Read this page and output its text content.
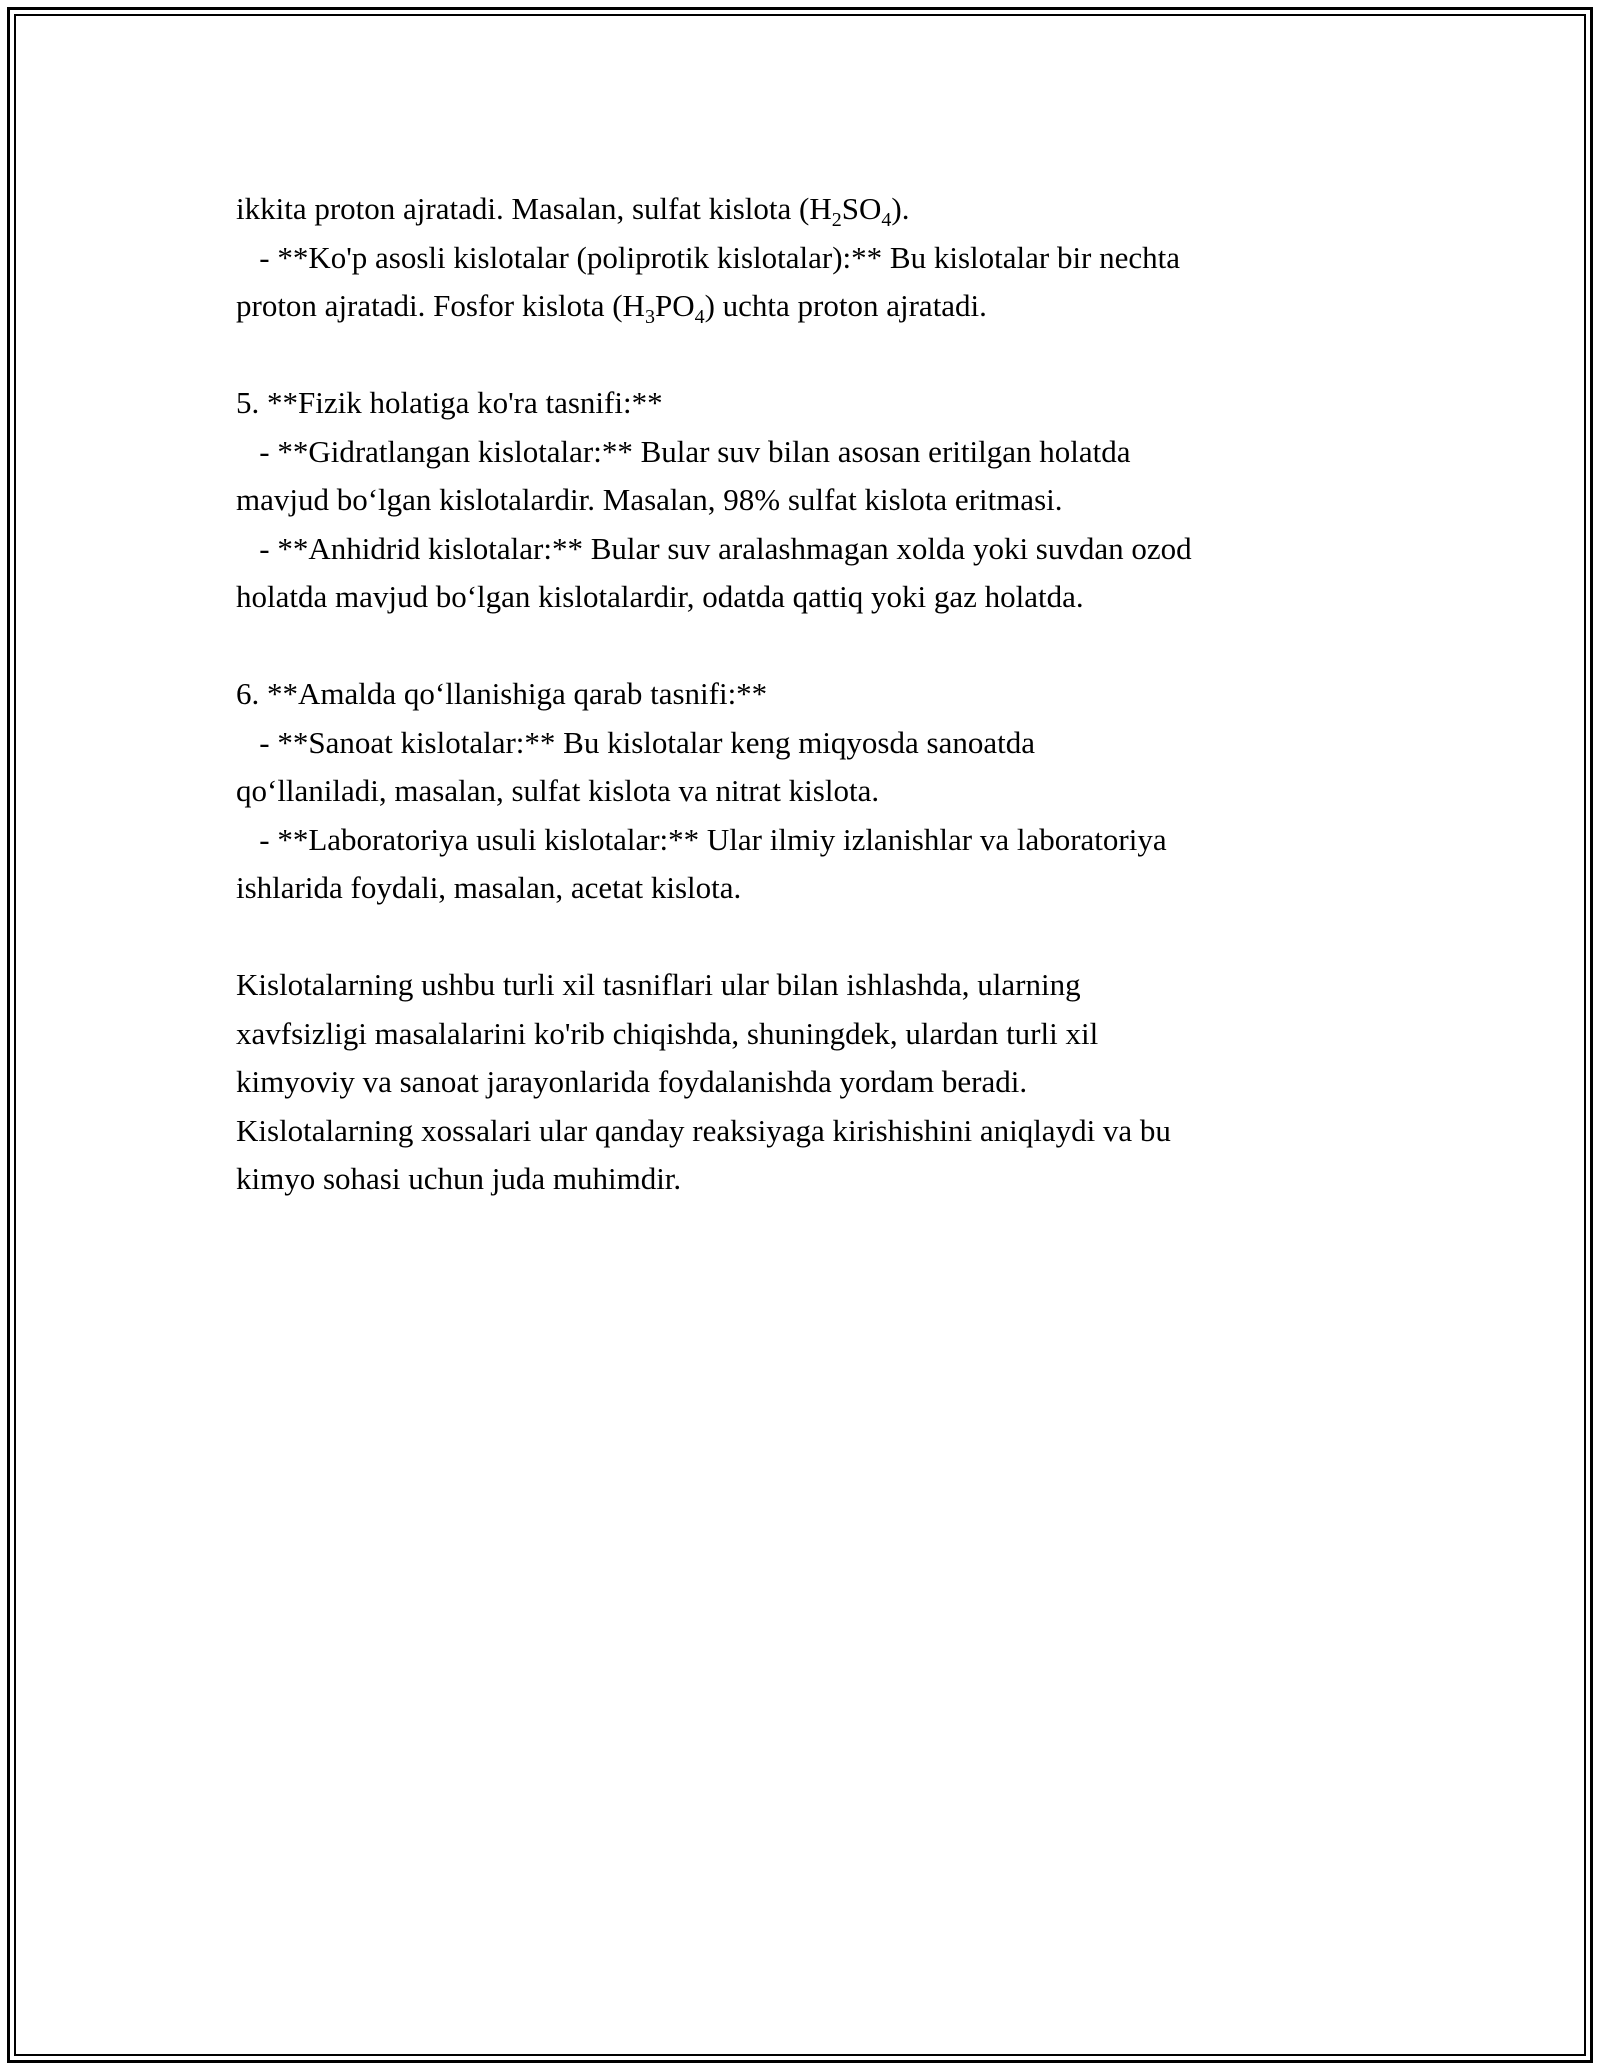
ikkita proton ajratadi. Masalan, sulfat kislota $(H_2SO_4)$.
- **Ko'p asosli kislotalar (poliprotik kislotalar):** Bu kislotalar bir nechta
proton ajratadi. Fosfor kislota $(H_3PO_4)$ uchta proton ajratadi.
5. **Fizik holatiga ko'ra tasnifi:**
- **Gidratlangan kislotalar:** Bular suv bilan asosan eritilgan holatda
mavjud bo‘lgan kislotalardir. Masalan, 98% sulfat kislota eritmasi.
- **Anhidrid kislotalar:** Bular suv aralashmagan xolda yoki suvdan ozod
holatda mavjud bo‘lgan kislotalardir, odatda qattiq yoki gaz holatda.
6. **Amalda qo‘llanishiga qarab tasnifi:**
- **Sanoat kislotalar:** Bu kislotalar keng miqyosda sanoatda
qo‘llaniladi, masalan, sulfat kislota va nitrat kislota.
- **Laboratoriya usuli kislotalar:** Ular ilmiy izlanishlar va laboratoriya
ishlarida foydali, masalan, acetat kislota.
Kislotalarning ushbu turli xil tasniflari ular bilan ishlashda, ularning
xavfsizligi masalalarini ko'rib chiqishda, shuningdek, ulardan turli xil
kimyoviy va sanoat jarayonlarida foydalanishda yordam beradi.
Kislotalarning xossalari ular qanday reaksiyaga kirishishini aniqlaydi va bu
kimyo sohasi uchun juda muhimdir.
